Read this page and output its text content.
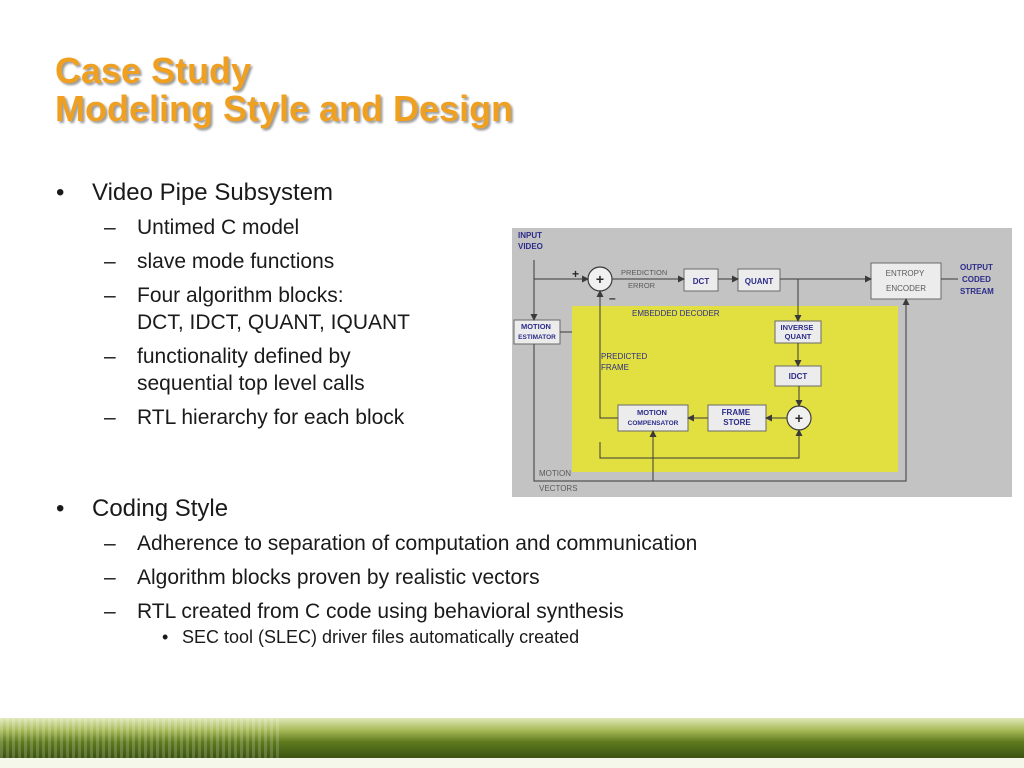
Case Study
Modeling Style and Design
• Video Pipe Subsystem
– Untimed C model
– slave mode functions
– Four algorithm blocks:
DCT, IDCT, QUANT, IQUANT
– functionality defined by
sequential top level calls
– RTL hierarchy for each block
• Coding Style
– Adherence to separation of computation and communication
– Algorithm blocks proven by realistic vectors
– RTL created from C code using behavioral synthesis
• SEC tool (SLEC) driver files automatically created
INPUT VIDEO
PREDICTION ERROR
OUTPUT CODED STREAM
EMBEDDED DECODER
PREDICTED FRAME
MOTION VECTORS
+
+
–
DCT	QUANT
ENTROPY ENCODER
INVERSE QUANT
IDCT
+
FRAME STORE
MOTION COMPENSATOR
MOTION ESTIMATOR
